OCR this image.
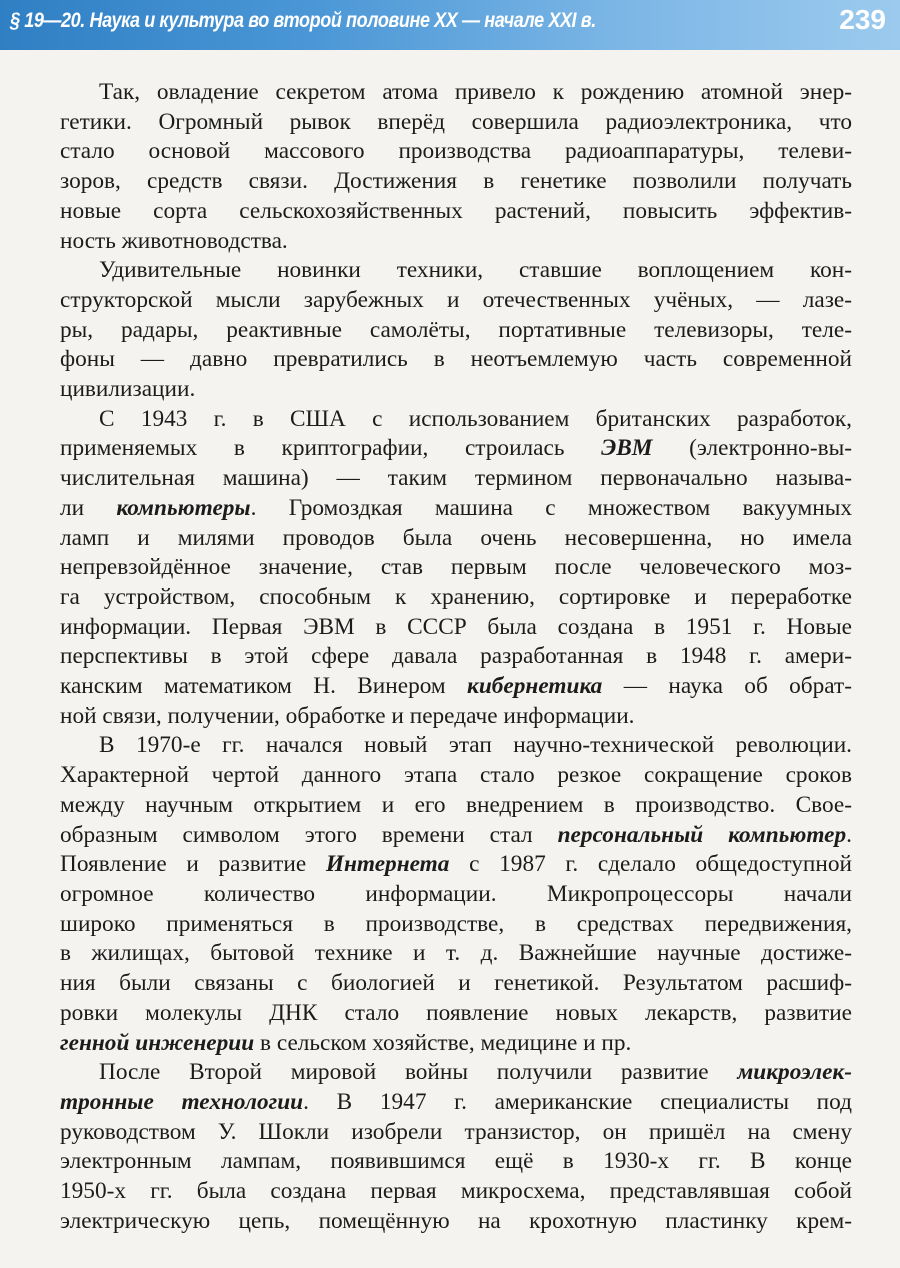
§ 19—20. Наука и культура во второй половине XX — начале XXI в.	239

Так, овладение секретом атома привело к рождению атомной энер-
гетики. Огромный рывок вперёд совершила радиоэлектроника, что
стало основой массового производства радиоаппаратуры, телеви-
зоров, средств связи. Достижения в генетике позволили получать
новые сорта сельскохозяйственных растений, повысить эффектив-
ность животноводства.

Удивительные новинки техники, ставшие воплощением кон-
структорской мысли зарубежных и отечественных учёных, — лазе-
ры, радары, реактивные самолёты, портативные телевизоры, теле-
фоны — давно превратились в неотъемлемую часть современной
цивилизации.

С 1943 г. в США с использованием британских разработок,
применяемых в криптографии, строилась ЭВМ (электронно-вы-
числительная машина) — таким термином первоначально называ-
ли компьютеры. Громоздкая машина с множеством вакуумных
ламп и милями проводов была очень несовершенна, но имела
непревзойдённое значение, став первым после человеческого моз-
га устройством, способным к хранению, сортировке и переработке
информации. Первая ЭВМ в СССР была создана в 1951 г. Новые
перспективы в этой сфере давала разработанная в 1948 г. амери-
канским математиком Н. Винером кибернетика — наука об обрат-
ной связи, получении, обработке и передаче информации.

В 1970-е гг. начался новый этап научно-технической революции.
Характерной чертой данного этапа стало резкое сокращение сроков
между научным открытием и его внедрением в производство. Свое-
образным символом этого времени стал персональный компьютер.
Появление и развитие Интернета с 1987 г. сделало общедоступной
огромное количество информации. Микропроцессоры начали
широко применяться в производстве, в средствах передвижения,
в жилищах, бытовой технике и т. д. Важнейшие научные достиже-
ния были связаны с биологией и генетикой. Результатом расшиф-
ровки молекулы ДНК стало появление новых лекарств, развитие
генной инженерии в сельском хозяйстве, медицине и пр.

После Второй мировой войны получили развитие микроэлек-
тронные технологии. В 1947 г. американские специалисты под
руководством У. Шокли изобрели транзистор, он пришёл на смену
электронным лампам, появившимся ещё в 1930-х гг. В конце
1950-х гг. была создана первая микросхема, представлявшая собой
электрическую цепь, помещённую на крохотную пластинку крем-
